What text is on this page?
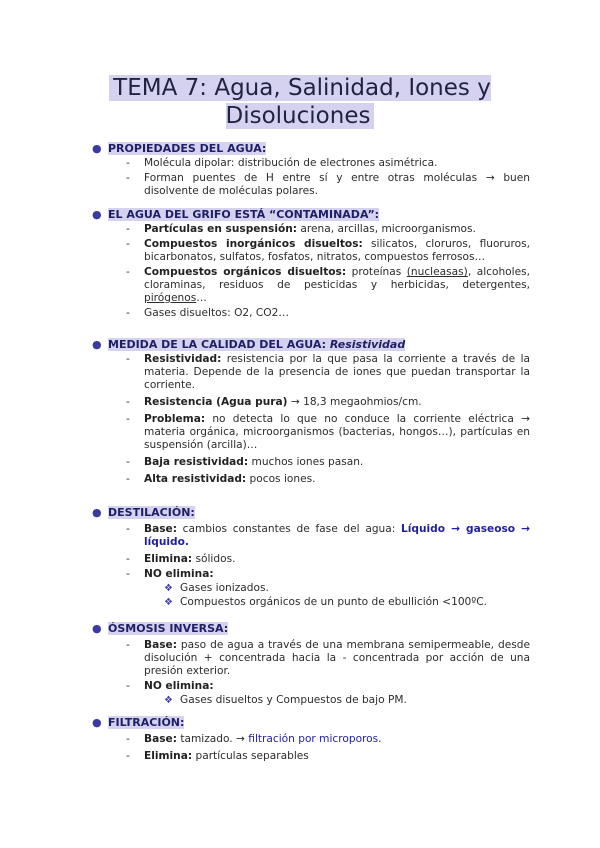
TEMA 7: Agua, Salinidad, Iones y Disoluciones
● PROPIEDADES DEL AGUA:
- Molécula dipolar: distribución de electrones asimétrica.
- Forman puentes de H entre sí y entre otras moléculas → buen disolvente de moléculas polares.
● EL AGUA DEL GRIFO ESTÁ “CONTAMINADA”:
- Partículas en suspensión: arena, arcillas, microorganismos.
- Compuestos inorgánicos disueltos: silicatos, cloruros, fluoruros, bicarbonatos, sulfatos, fosfatos, nitratos, compuestos ferrosos…
- Compuestos orgánicos disueltos: proteínas (nucleasas), alcoholes, cloraminas, residuos de pesticidas y herbicidas, detergentes, pirógenos…
- Gases disueltos: O2, CO2…
● MEDIDA DE LA CALIDAD DEL AGUA: Resistividad
- Resistividad: resistencia por la que pasa la corriente a través de la materia. Depende de la presencia de iones que puedan transportar la corriente.
- Resistencia (Agua pura) → 18,3 megaohmios/cm.
- Problema: no detecta lo que no conduce la corriente eléctrica → materia orgánica, microorganismos (bacterias, hongos…), partículas en suspensión (arcilla)…
- Baja resistividad: muchos iones pasan.
- Alta resistividad: pocos iones.
● DESTILACIÓN:
- Base: cambios constantes de fase del agua: Líquido → gaseoso → líquido.
- Elimina: sólidos.
- NO elimina:
❖ Gases ionizados.
❖ Compuestos orgánicos de un punto de ebullición <100ºC.
● ÓSMOSIS INVERSA:
- Base: paso de agua a través de una membrana semipermeable, desde disolución + concentrada hacia la - concentrada por acción de una presión exterior.
- NO elimina:
❖ Gases disueltos y Compuestos de bajo PM.
● FILTRACIÓN:
- Base: tamizado. → filtración por microporos.
- Elimina: partículas separables
